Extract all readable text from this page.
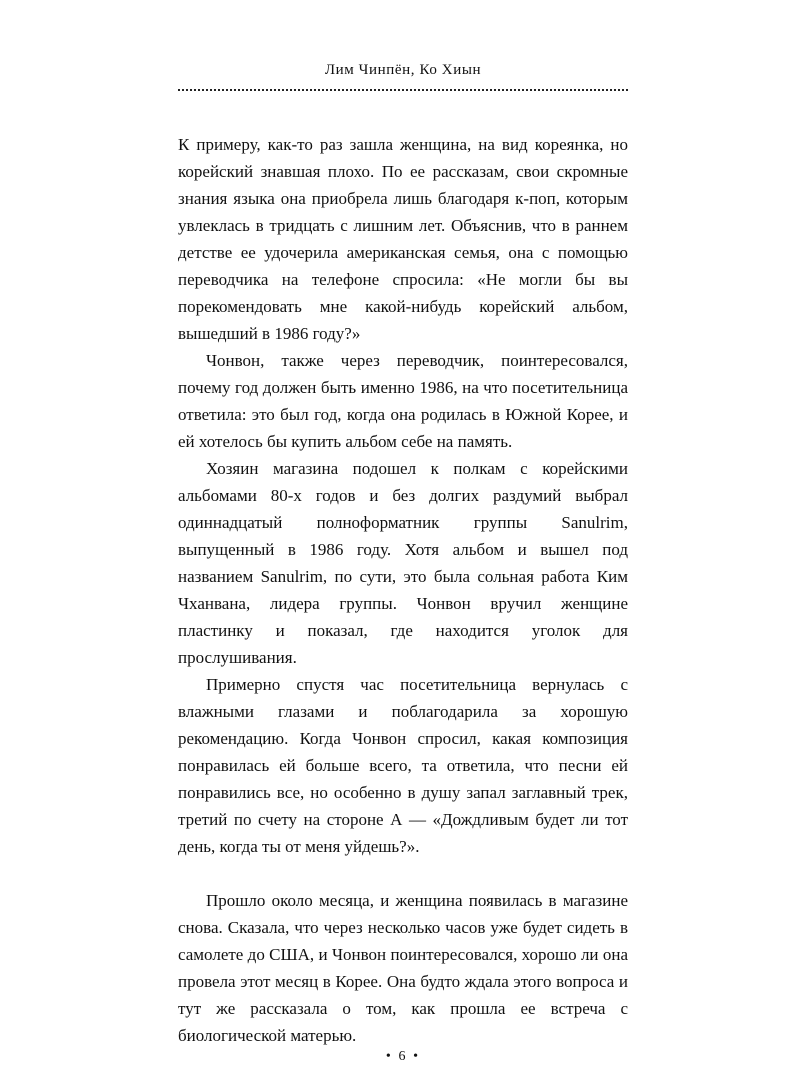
Лим Чинпён, Ко Хиын

К примеру, как-то раз зашла женщина, на вид кореянка, но корейский знавшая плохо. По ее рассказам, свои скромные знания языка она приобрела лишь благодаря к-поп, которым увлеклась в тридцать с лишним лет. Объяснив, что в раннем детстве ее удочерила американская семья, она с помощью переводчика на телефоне спросила: «Не могли бы вы порекомендовать мне какой-нибудь корейский альбом, вышедший в 1986 году?»

Чонвон, также через переводчик, поинтересовался, почему год должен быть именно 1986, на что посетительница ответила: это был год, когда она родилась в Южной Корее, и ей хотелось бы купить альбом себе на память.

Хозяин магазина подошел к полкам с корейскими альбомами 80-х годов и без долгих раздумий выбрал одиннадцатый полноформатник группы Sanulrim, выпущенный в 1986 году. Хотя альбом и вышел под названием Sanulrim, по сути, это была сольная работа Ким Чханвана, лидера группы. Чонвон вручил женщине пластинку и показал, где находится уголок для прослушивания.

Примерно спустя час посетительница вернулась с влажными глазами и поблагодарила за хорошую рекомендацию. Когда Чонвон спросил, какая композиция понравилась ей больше всего, та ответила, что песни ей понравились все, но особенно в душу запал заглавный трек, третий по счету на стороне А — «Дождливым будет ли тот день, когда ты от меня уйдешь?».

Прошло около месяца, и женщина появилась в магазине снова. Сказала, что через несколько часов уже будет сидеть в самолете до США, и Чонвон поинтересовался, хорошо ли она провела этот месяц в Корее. Она будто ждала этого вопроса и тут же рассказала о том, как прошла ее встреча с биологической матерью.

• 6 •
